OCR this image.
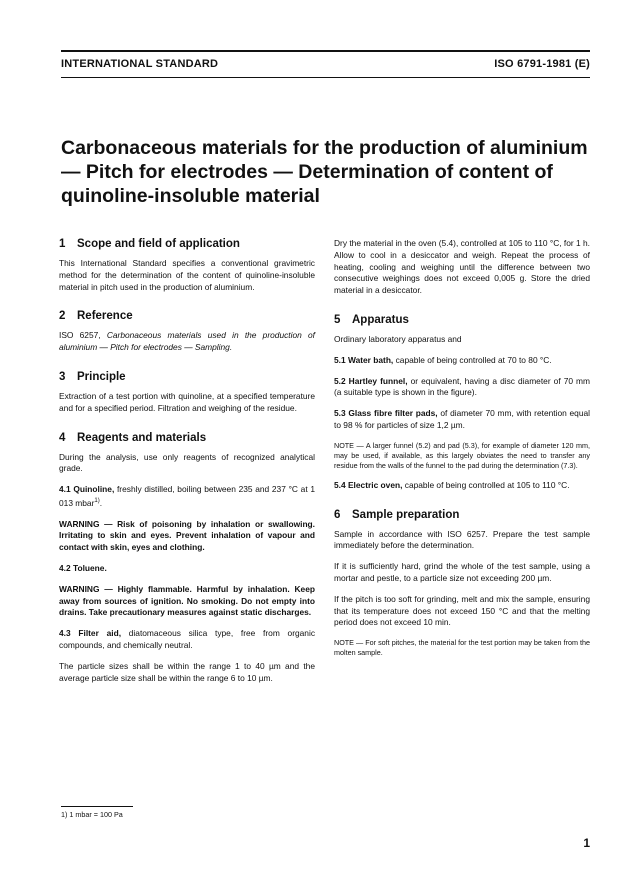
INTERNATIONAL STANDARD	ISO 6791-1981 (E)
Carbonaceous materials for the production of aluminium — Pitch for electrodes — Determination of content of quinoline-insoluble material
1 Scope and field of application

This International Standard specifies a conventional gravimetric method for the determination of the content of quinoline-insoluble material in pitch used in the production of aluminium.

2 Reference

ISO 6257, Carbonaceous materials used in the production of aluminium — Pitch for electrodes — Sampling.

3 Principle

Extraction of a test portion with quinoline, at a specified temperature and for a specified period. Filtration and weighing of the residue.

4 Reagents and materials

During the analysis, use only reagents of recognized analytical grade.

4.1 Quinoline, freshly distilled, boiling between 235 and 237 °C at 1 013 mbar$^{1)}$.

WARNING — Risk of poisoning by inhalation or swallowing. Irritating to skin and eyes. Prevent inhalation of vapour and contact with skin, eyes and clothing.

4.2 Toluene.

WARNING — Highly flammable. Harmful by inhalation. Keep away from sources of ignition. No smoking. Do not empty into drains. Take precautionary measures against static discharges.

4.3 Filter aid, diatomaceous silica type, free from organic compounds, and chemically neutral.

The particle sizes shall be within the range 1 to 40 µm and the average particle size shall be within the range 6 to 10 µm.

Dry the material in the oven (5.4), controlled at 105 to 110 °C, for 1 h. Allow to cool in a desiccator and weigh. Repeat the process of heating, cooling and weighing until the difference between two consecutive weighings does not exceed 0,005 g. Store the dried material in a desiccator.

5 Apparatus

Ordinary laboratory apparatus and

5.1 Water bath, capable of being controlled at 70 to 80 °C.

5.2 Hartley funnel, or equivalent, having a disc diameter of 70 mm (a suitable type is shown in the figure).

5.3 Glass fibre filter pads, of diameter 70 mm, with retention equal to 98 % for particles of size 1,2 µm.

NOTE — A larger funnel (5.2) and pad (5.3), for example of diameter 120 mm, may be used, if available, as this largely obviates the need to transfer any residue from the walls of the funnel to the pad during the determination (7.3).

5.4 Electric oven, capable of being controlled at 105 to 110 °C.

6 Sample preparation

Sample in accordance with ISO 6257. Prepare the test sample immediately before the determination.

If it is sufficiently hard, grind the whole of the test sample, using a mortar and pestle, to a particle size not exceeding 200 µm.

If the pitch is too soft for grinding, melt and mix the sample, ensuring that its temperature does not exceed 150 °C and that the melting period does not exceed 10 min.

NOTE — For soft pitches, the material for the test portion may be taken from the molten sample.

1) 1 mbar = 100 Pa
1
